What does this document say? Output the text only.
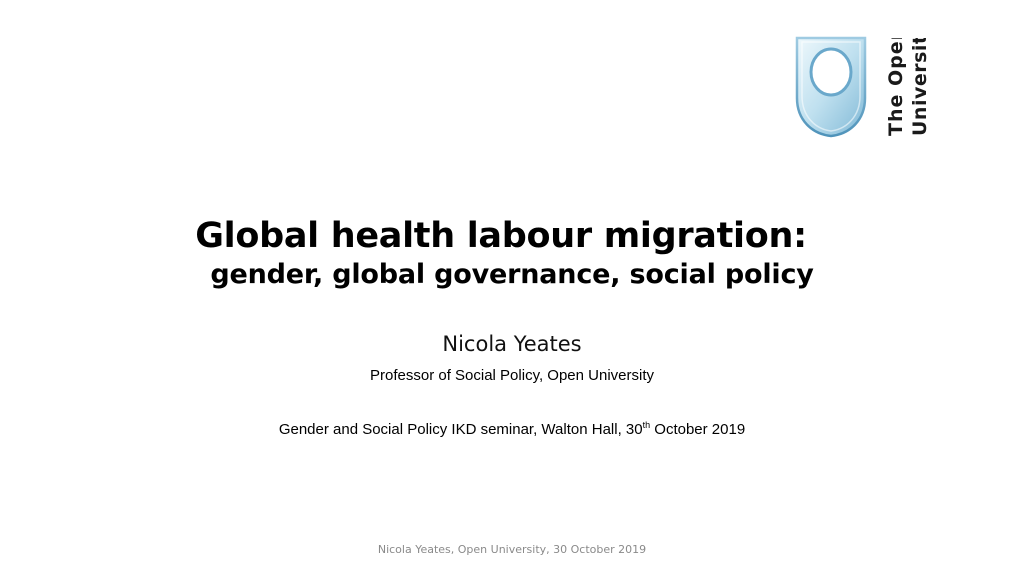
The Open University
Global health labour migration:
gender, global governance, social policy
Nicola Yeates
Professor of Social Policy, Open University
Gender and Social Policy IKD seminar, Walton Hall, 30th October 2019
Nicola Yeates, Open University, 30 October 2019
